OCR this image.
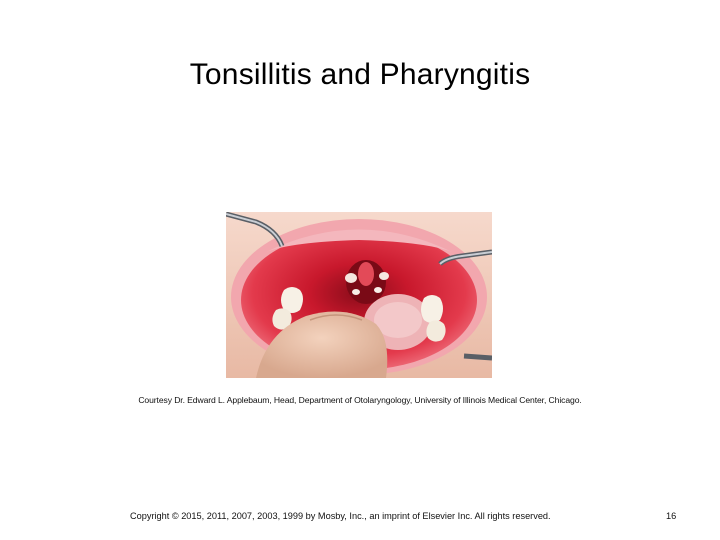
Tonsillitis and Pharyngitis
Courtesy Dr. Edward L. Applebaum, Head, Department of Otolaryngology, University of Illinois Medical Center, Chicago.
Copyright © 2015, 2011, 2007, 2003, 1999 by Mosby, Inc., an imprint of Elsevier Inc. All rights reserved.	16
